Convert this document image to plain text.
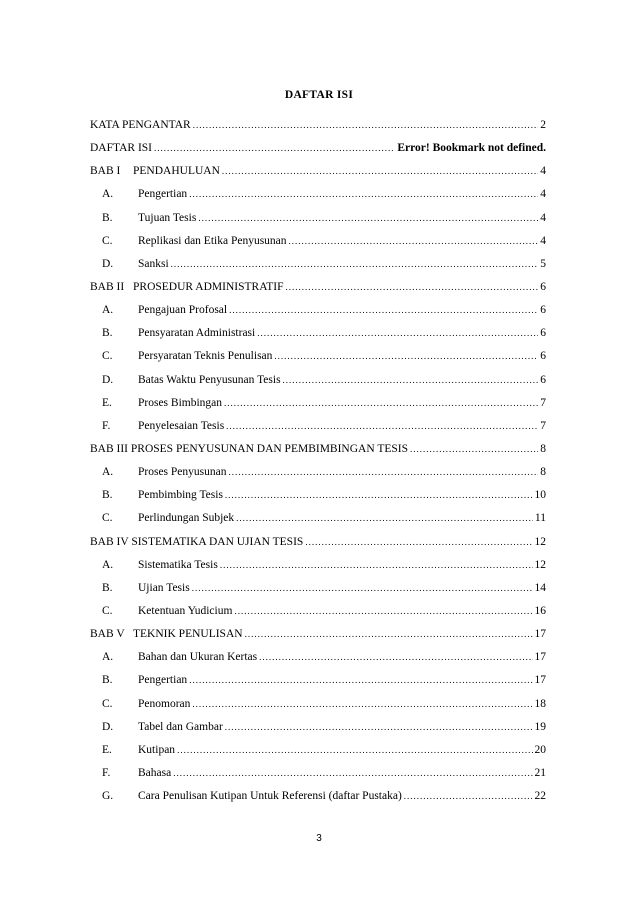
DAFTAR ISI
KATA PENGANTAR .....	2
DAFTAR ISI .....	Error! Bookmark not defined.
BAB I	PENDAHULUAN .....	4
A.	Pengertian .....	4
B.	Tujuan Tesis .....	4
C.	Replikasi dan Etika Penyusunan .....	4
D.	Sanksi .....	5
BAB II PROSEDUR ADMINISTRATIF .....	6
A.	Pengajuan Profosal .....	6
B.	Pensyaratan Administrasi .....	6
C.	Persyaratan Teknis Penulisan .....	6
D.	Batas Waktu Penyusunan Tesis .....	6
E.	Proses Bimbingan .....	7
F.	Penyelesaian Tesis .....	7
BAB III PROSES PENYUSUNAN DAN PEMBIMBINGAN TESIS .....	8
A.	Proses Penyusunan .....	8
B.	Pembimbing Tesis .....	10
C.	Perlindungan Subjek .....	11
BAB IV SISTEMATIKA DAN UJIAN TESIS .....	12
A.	Sistematika Tesis .....	12
B.	Ujian Tesis .....	14
C.	Ketentuan Yudicium .....	16
BAB V TEKNIK PENULISAN .....	17
A.	Bahan dan Ukuran Kertas .....	17
B.	Pengertian .....	17
C.	Penomoran .....	18
D.	Tabel dan Gambar .....	19
E.	Kutipan .....	20
F.	Bahasa .....	21
G.	Cara Penulisan Kutipan Untuk Referensi (daftar Pustaka) .....	22
3
